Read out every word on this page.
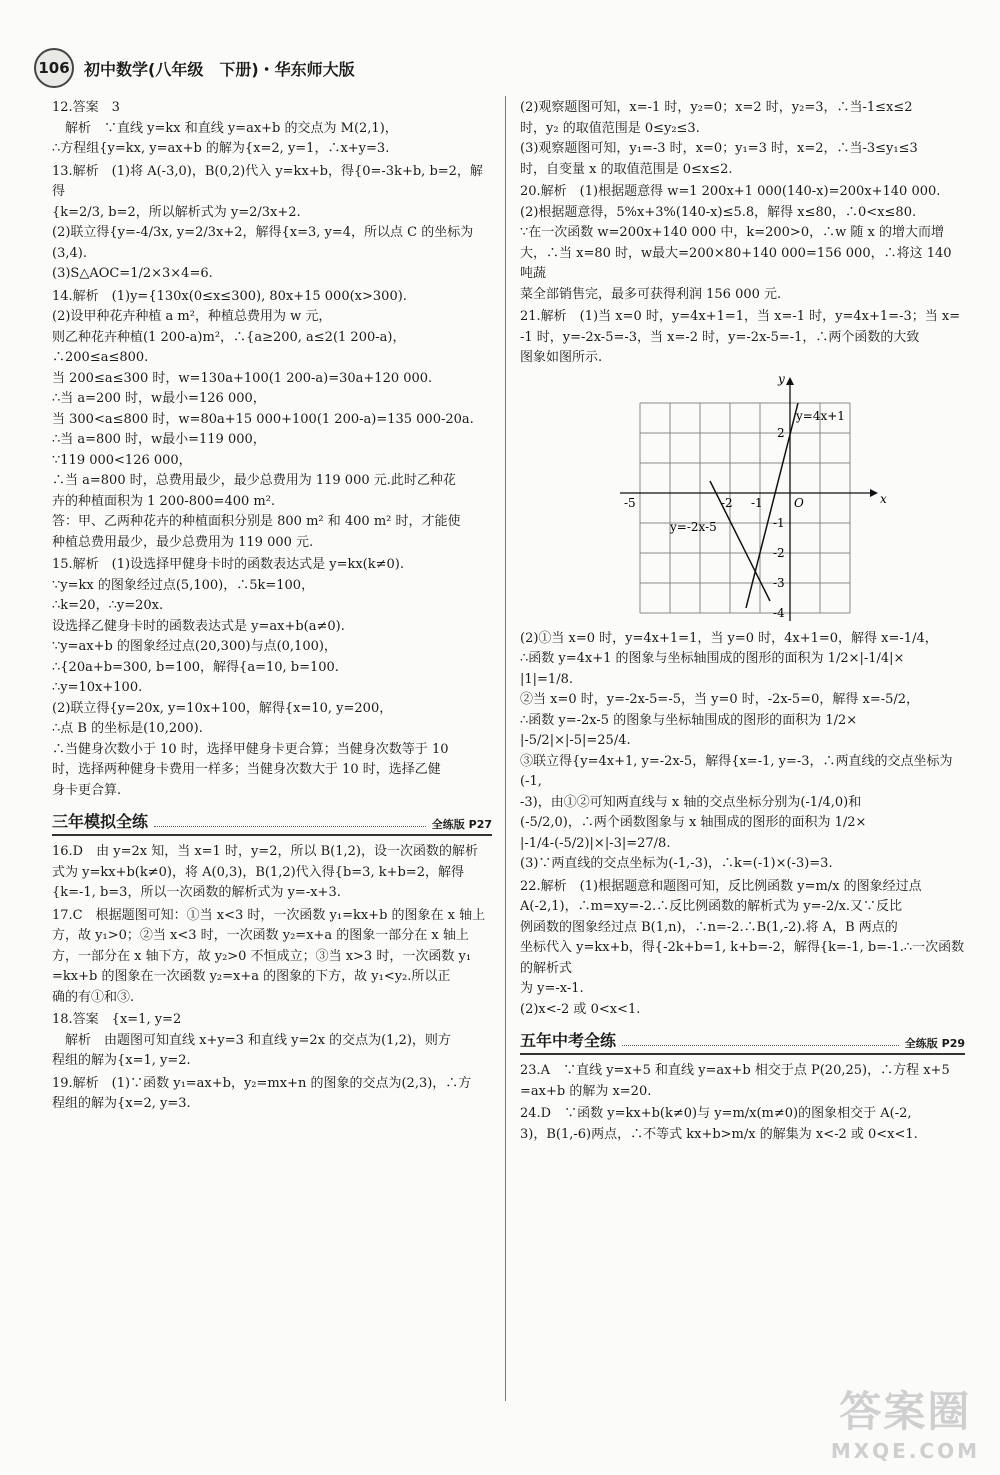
106 初中数学(八年级　下册)・华东师大版
12.答案　3
　解析　∵直线 y=kx 和直线 y=ax+b 的交点为 M(2,1)，
∴方程组{y=kx, y=ax+b 的解为{x=2, y=1，∴x+y=3.
13.解析　(1)将 A(-3,0)，B(0,2)代入 y=kx+b，得{0=-3k+b, b=2，解得
{k=2/3, b=2，所以解析式为 y=2/3x+2.
(2)联立得{y=-4/3x, y=2/3x+2，解得{x=3, y=4，所以点 C 的坐标为(3,4).
(3)S△AOC=1/2×3×4=6.
14.解析　(1)y={130x(0≤x≤300), 80x+15 000(x>300).
(2)设甲种花卉种植 a m²，种植总费用为 w 元，
则乙种花卉种植(1 200-a)m²，∴{a≥200, a≤2(1 200-a)，∴200≤a≤800.
当 200≤a≤300 时，w=130a+100(1 200-a)=30a+120 000.
∴当 a=200 时，w最小=126 000，
当 300<a≤800 时，w=80a+15 000+100(1 200-a)=135 000-20a.
∴当 a=800 时，w最小=119 000，
∵119 000<126 000，
∴当 a=800 时，总费用最少，最少总费用为 119 000 元.此时乙种花
卉的种植面积为 1 200-800=400 m².
答：甲、乙两种花卉的种植面积分别是 800 m² 和 400 m² 时，才能使
种植总费用最少，最少总费用为 119 000 元.
15.解析　(1)设选择甲健身卡时的函数表达式是 y=kx(k≠0).
∵y=kx 的图象经过点(5,100)，∴5k=100，
∴k=20，∴y=20x.
设选择乙健身卡时的函数表达式是 y=ax+b(a≠0).
∵y=ax+b 的图象经过点(20,300)与点(0,100)，
∴{20a+b=300, b=100，解得{a=10, b=100.
∴y=10x+100.
(2)联立得{y=20x, y=10x+100，解得{x=10, y=200，
∴点 B 的坐标是(10,200).
∴当健身次数小于 10 时，选择甲健身卡更合算；当健身次数等于 10
时，选择两种健身卡费用一样多；当健身次数大于 10 时，选择乙健
身卡更合算.
三年模拟全练	全练版 P27
16.D　由 y=2x 知，当 x=1 时，y=2，所以 B(1,2)，设一次函数的解析
式为 y=kx+b(k≠0)，将 A(0,3)，B(1,2)代入得{b=3, k+b=2，解得
{k=-1, b=3，所以一次函数的解析式为 y=-x+3.
17.C　根据题图可知：①当 x<3 时，一次函数 y₁=kx+b 的图象在 x 轴上
方，故 y₁>0；②当 x<3 时，一次函数 y₂=x+a 的图象一部分在 x 轴上
方，一部分在 x 轴下方，故 y₂>0 不恒成立；③当 x>3 时，一次函数 y₁
=kx+b 的图象在一次函数 y₂=x+a 的图象的下方，故 y₁<y₂.所以正
确的有①和③.
18.答案　{x=1, y=2
　解析　由题图可知直线 x+y=3 和直线 y=2x 的交点为(1,2)，则方
程组的解为{x=1, y=2.
19.解析　(1)∵函数 y₁=ax+b，y₂=mx+n 的图象的交点为(2,3)，∴方
程组的解为{x=2, y=3.
(2)观察题图可知，x=-1 时，y₂=0；x=2 时，y₂=3，∴当-1≤x≤2
时，y₂ 的取值范围是 0≤y₂≤3.
(3)观察题图可知，y₁=-3 时，x=0；y₁=3 时，x=2，∴当-3≤y₁≤3
时，自变量 x 的取值范围是 0≤x≤2.
20.解析　(1)根据题意得 w=1 200x+1 000(140-x)=200x+140 000.
(2)根据题意得，5%x+3%(140-x)≤5.8，解得 x≤80，∴0<x≤80.
∵在一次函数 w=200x+140 000 中，k=200>0，∴w 随 x 的增大而增
大，∴当 x=80 时，w最大=200×80+140 000=156 000，∴将这 140 吨蔬
菜全部销售完，最多可获得利润 156 000 元.
21.解析　(1)当 x=0 时，y=4x+1=1，当 x=-1 时，y=4x+1=-3；当 x=
-1 时，y=-2x-5=-3，当 x=-2 时，y=-2x-5=-1，∴两个函数的大致
图象如图所示.
x
y
O
-5	-2 -1
2
-1
-2
-3
-4
y=4x+1
y=-2x-5
(2)①当 x=0 时，y=4x+1=1，当 y=0 时，4x+1=0，解得 x=-1/4，
∴函数 y=4x+1 的图象与坐标轴围成的图形的面积为 1/2×|-1/4|×
|1|=1/8.
②当 x=0 时，y=-2x-5=-5，当 y=0 时，-2x-5=0，解得 x=-5/2，
∴函数 y=-2x-5 的图象与坐标轴围成的图形的面积为 1/2×
|-5/2|×|-5|=25/4.
③联立得{y=4x+1, y=-2x-5，解得{x=-1, y=-3，∴两直线的交点坐标为(-1,
-3)，由①②可知两直线与 x 轴的交点坐标分别为(-1/4,0)和
(-5/2,0)，∴两个函数图象与 x 轴围成的图形的面积为 1/2×
|-1/4-(-5/2)|×|-3|=27/8.
(3)∵两直线的交点坐标为(-1,-3)，∴k=(-1)×(-3)=3.
22.解析　(1)根据题意和题图可知，反比例函数 y=m/x 的图象经过点
A(-2,1)，∴m=xy=-2.∴反比例函数的解析式为 y=-2/x.又∵反比
例函数的图象经过点 B(1,n)，∴n=-2.∴B(1,-2).将 A，B 两点的
坐标代入 y=kx+b，得{-2k+b=1, k+b=-2，解得{k=-1, b=-1.∴一次函数的解析式
为 y=-x-1.
(2)x<-2 或 0<x<1.
五年中考全练	全练版 P29
23.A　∵直线 y=x+5 和直线 y=ax+b 相交于点 P(20,25)，∴方程 x+5
=ax+b 的解为 x=20.
24.D　∵函数 y=kx+b(k≠0)与 y=m/x(m≠0)的图象相交于 A(-2,
3)，B(1,-6)两点，∴不等式 kx+b>m/x 的解集为 x<-2 或 0<x<1.
答案圈
MXQE.COM
